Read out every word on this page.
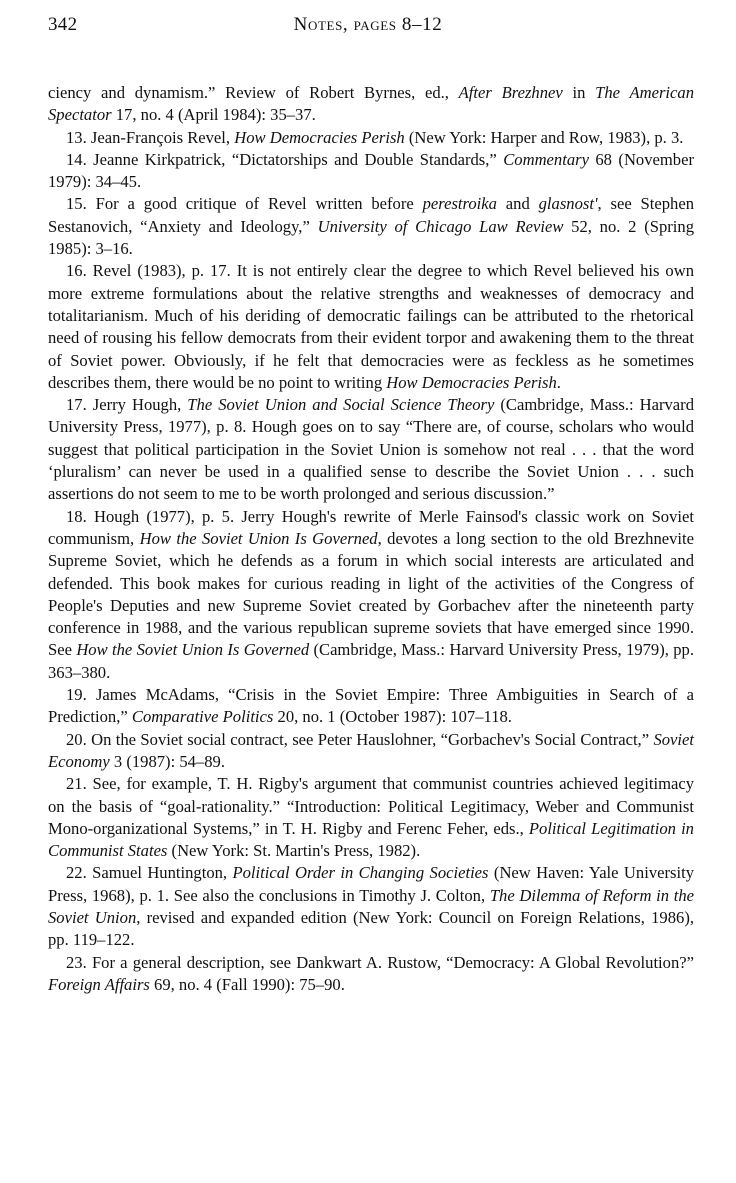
342	Notes, pages 8–12

ciency and dynamism.” Review of Robert Byrnes, ed., After Brezhnev in The American Spectator 17, no. 4 (April 1984): 35–37.

13. Jean-François Revel, How Democracies Perish (New York: Harper and Row, 1983), p. 3.

14. Jeanne Kirkpatrick, “Dictatorships and Double Standards,” Commentary 68 (November 1979): 34–45.

15. For a good critique of Revel written before perestroika and glasnost', see Stephen Sestanovich, “Anxiety and Ideology,” University of Chicago Law Review 52, no. 2 (Spring 1985): 3–16.

16. Revel (1983), p. 17. It is not entirely clear the degree to which Revel believed his own more extreme formulations about the relative strengths and weaknesses of democracy and totalitarianism. Much of his deriding of democratic failings can be attributed to the rhetorical need of rousing his fellow democrats from their evident torpor and awakening them to the threat of Soviet power. Obviously, if he felt that democracies were as feckless as he sometimes describes them, there would be no point to writing How Democracies Perish.

17. Jerry Hough, The Soviet Union and Social Science Theory (Cambridge, Mass.: Harvard University Press, 1977), p. 8. Hough goes on to say “There are, of course, scholars who would suggest that political participation in the Soviet Union is somehow not real . . . that the word ‘pluralism’ can never be used in a qualified sense to describe the Soviet Union . . . such assertions do not seem to me to be worth prolonged and serious discussion.”

18. Hough (1977), p. 5. Jerry Hough's rewrite of Merle Fainsod's classic work on Soviet communism, How the Soviet Union Is Governed, devotes a long section to the old Brezhnevite Supreme Soviet, which he defends as a forum in which social interests are articulated and defended. This book makes for curious reading in light of the activities of the Congress of People's Deputies and new Supreme Soviet created by Gorbachev after the nineteenth party conference in 1988, and the various republican supreme soviets that have emerged since 1990. See How the Soviet Union Is Governed (Cambridge, Mass.: Harvard University Press, 1979), pp. 363–380.

19. James McAdams, “Crisis in the Soviet Empire: Three Ambiguities in Search of a Prediction,” Comparative Politics 20, no. 1 (October 1987): 107–118.

20. On the Soviet social contract, see Peter Hauslohner, “Gorbachev's Social Contract,” Soviet Economy 3 (1987): 54–89.

21. See, for example, T. H. Rigby's argument that communist countries achieved legitimacy on the basis of “goal-rationality.” “Introduction: Political Legitimacy, Weber and Communist Mono-organizational Systems,” in T. H. Rigby and Ferenc Feher, eds., Political Legitimation in Communist States (New York: St. Martin's Press, 1982).

22. Samuel Huntington, Political Order in Changing Societies (New Haven: Yale University Press, 1968), p. 1. See also the conclusions in Timothy J. Colton, The Dilemma of Reform in the Soviet Union, revised and expanded edition (New York: Council on Foreign Relations, 1986), pp. 119–122.

23. For a general description, see Dankwart A. Rustow, “Democracy: A Global Revolution?” Foreign Affairs 69, no. 4 (Fall 1990): 75–90.
